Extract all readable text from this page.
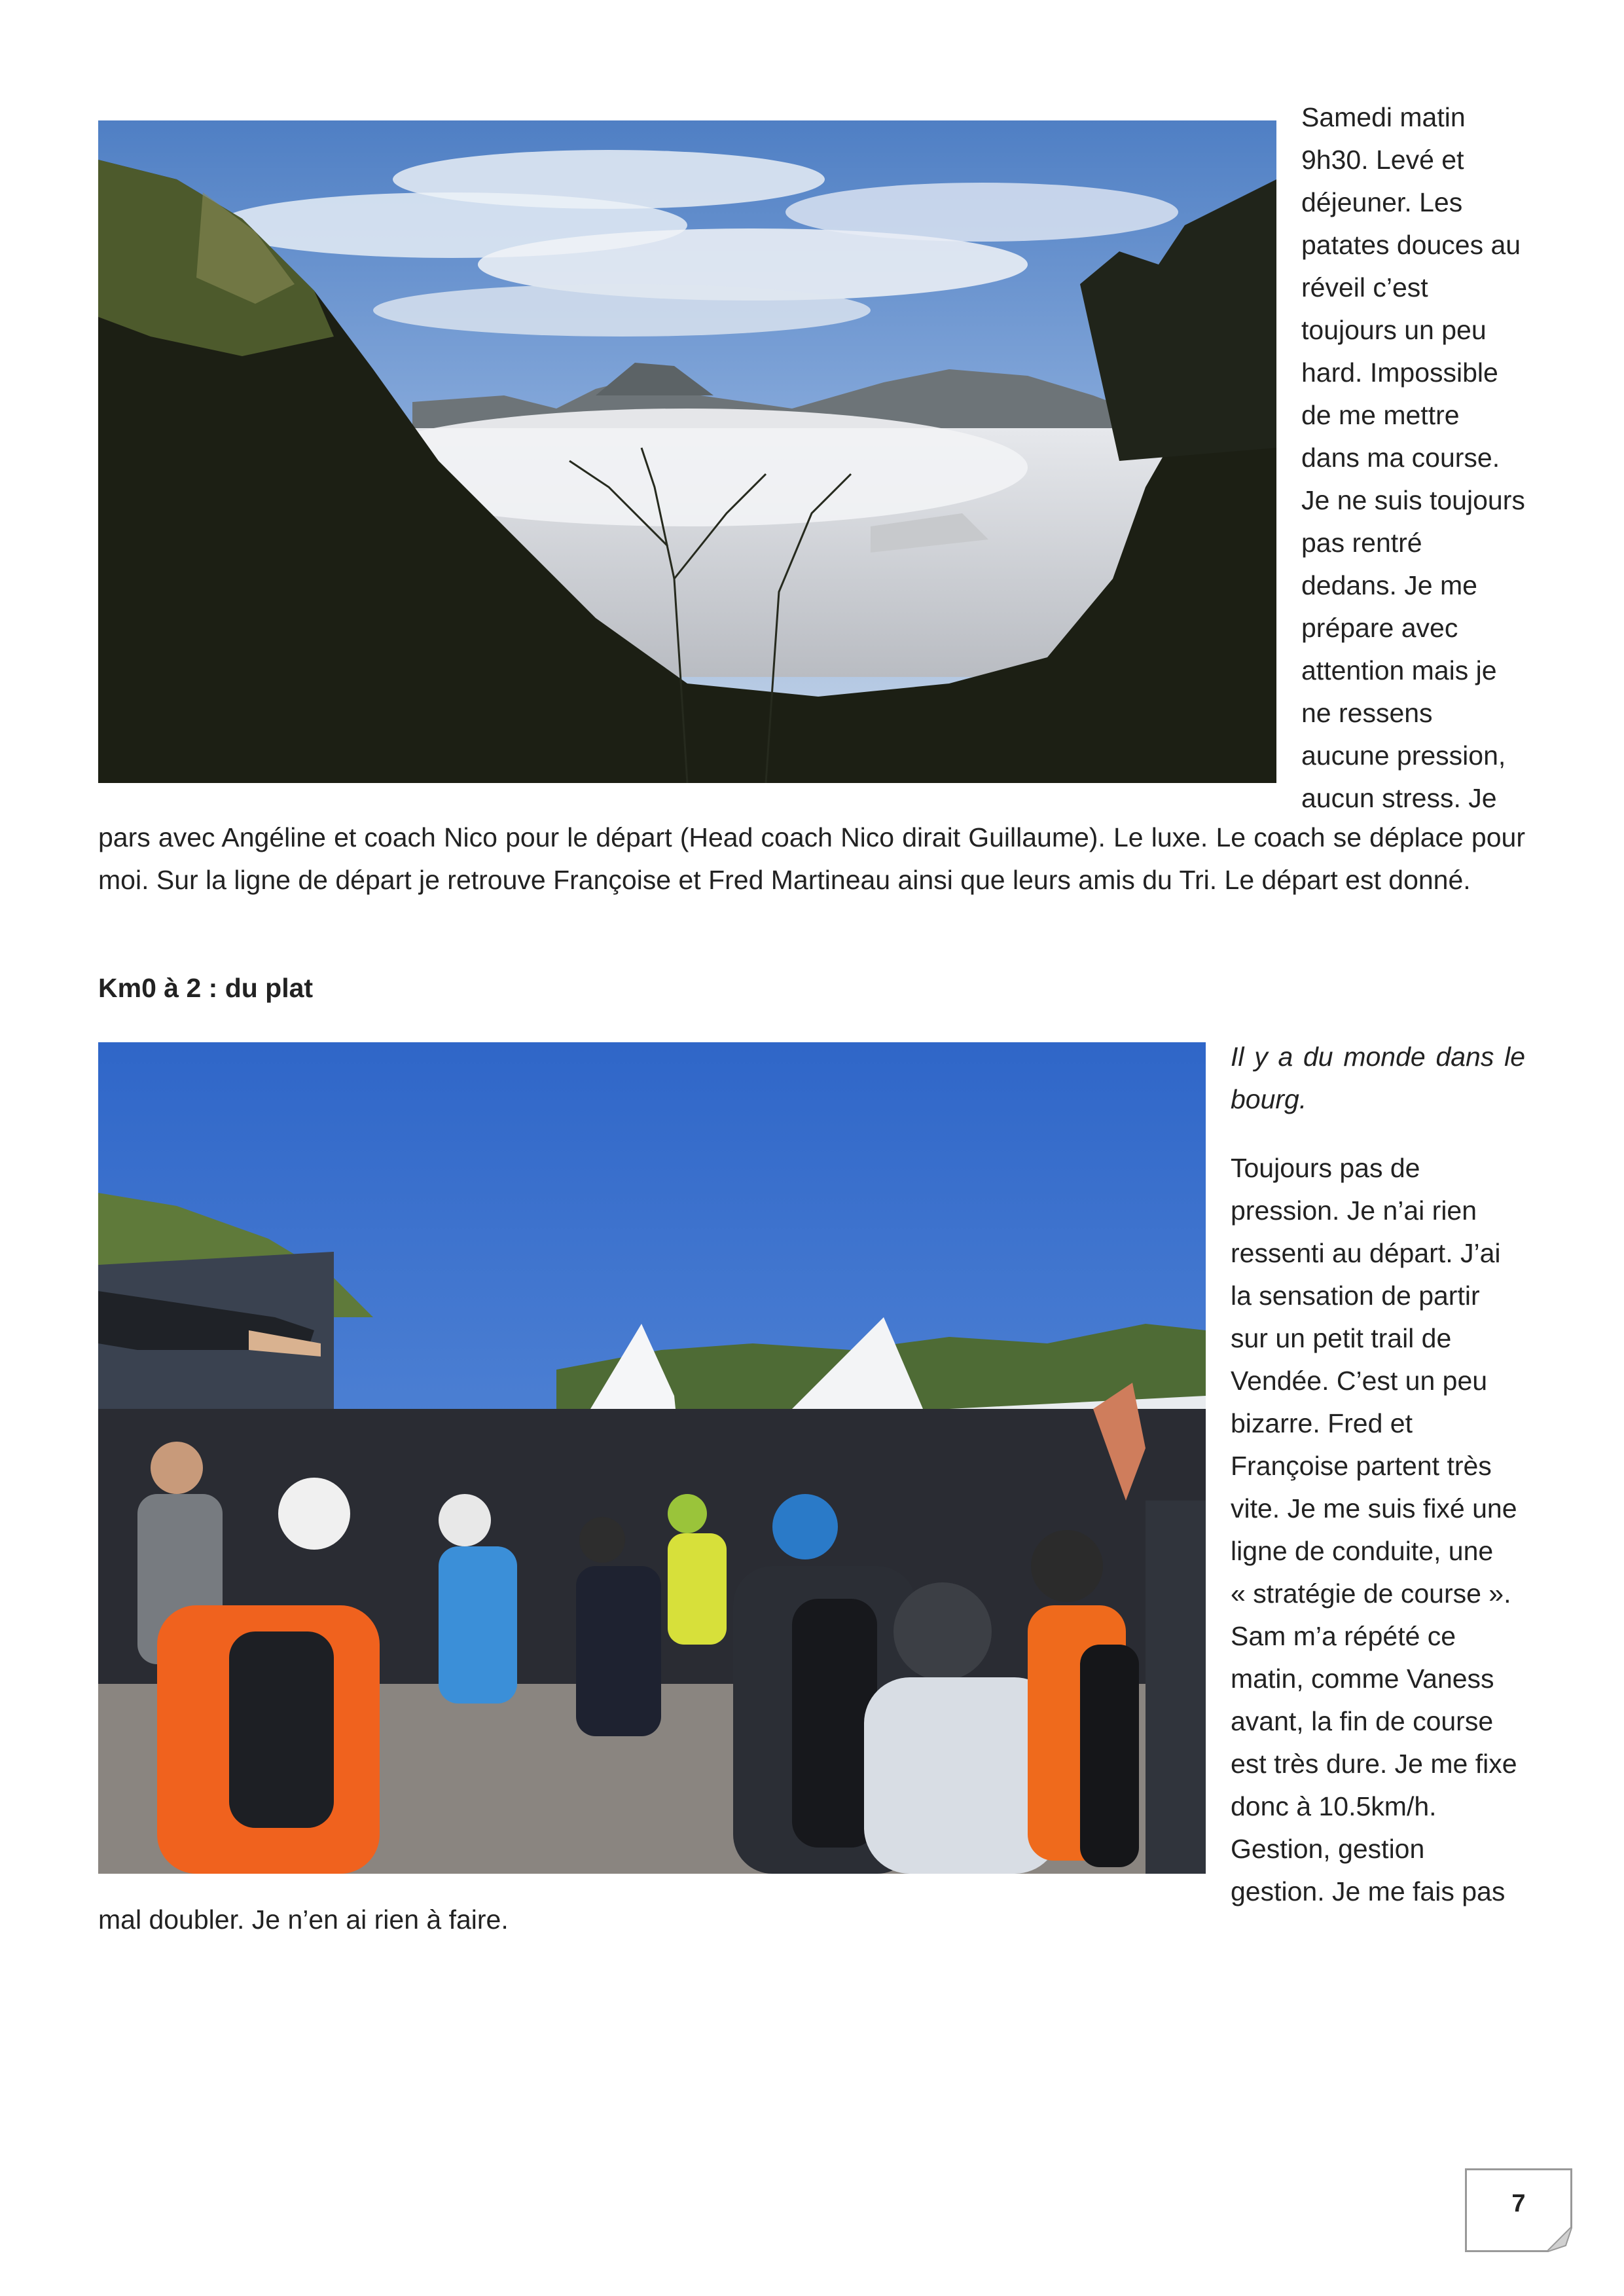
Samedi matin

9h30. Levé et

déjeuner. Les

patates douces au

réveil c’est

toujours un peu

hard. Impossible

de me mettre

dans ma course.

Je ne suis toujours

pas rentré

dedans. Je me

prépare avec

attention mais je

ne ressens

aucune pression,

aucun stress. Je

pars avec Angéline et coach Nico pour le départ (Head coach Nico dirait Guillaume). Le luxe. Le coach se déplace pour moi. Sur la ligne de départ je retrouve Françoise et Fred Martineau ainsi que leurs amis du Tri. Le départ est donné.

Km0 à 2 : du plat

Il y a du monde dans le bourg.

Toujours pas de

pression. Je n’ai rien

ressenti au départ. J’ai

la sensation de partir

sur un petit trail de

Vendée. C’est un peu

bizarre. Fred et

Françoise partent très

vite. Je me suis fixé une

ligne de conduite, une

« stratégie de course ».

Sam m’a répété ce

matin, comme Vaness

avant, la fin de course

est très dure. Je me fixe

donc à 10.5km/h.

Gestion, gestion

gestion. Je me fais pas

mal doubler. Je n’en ai rien à faire.

7
